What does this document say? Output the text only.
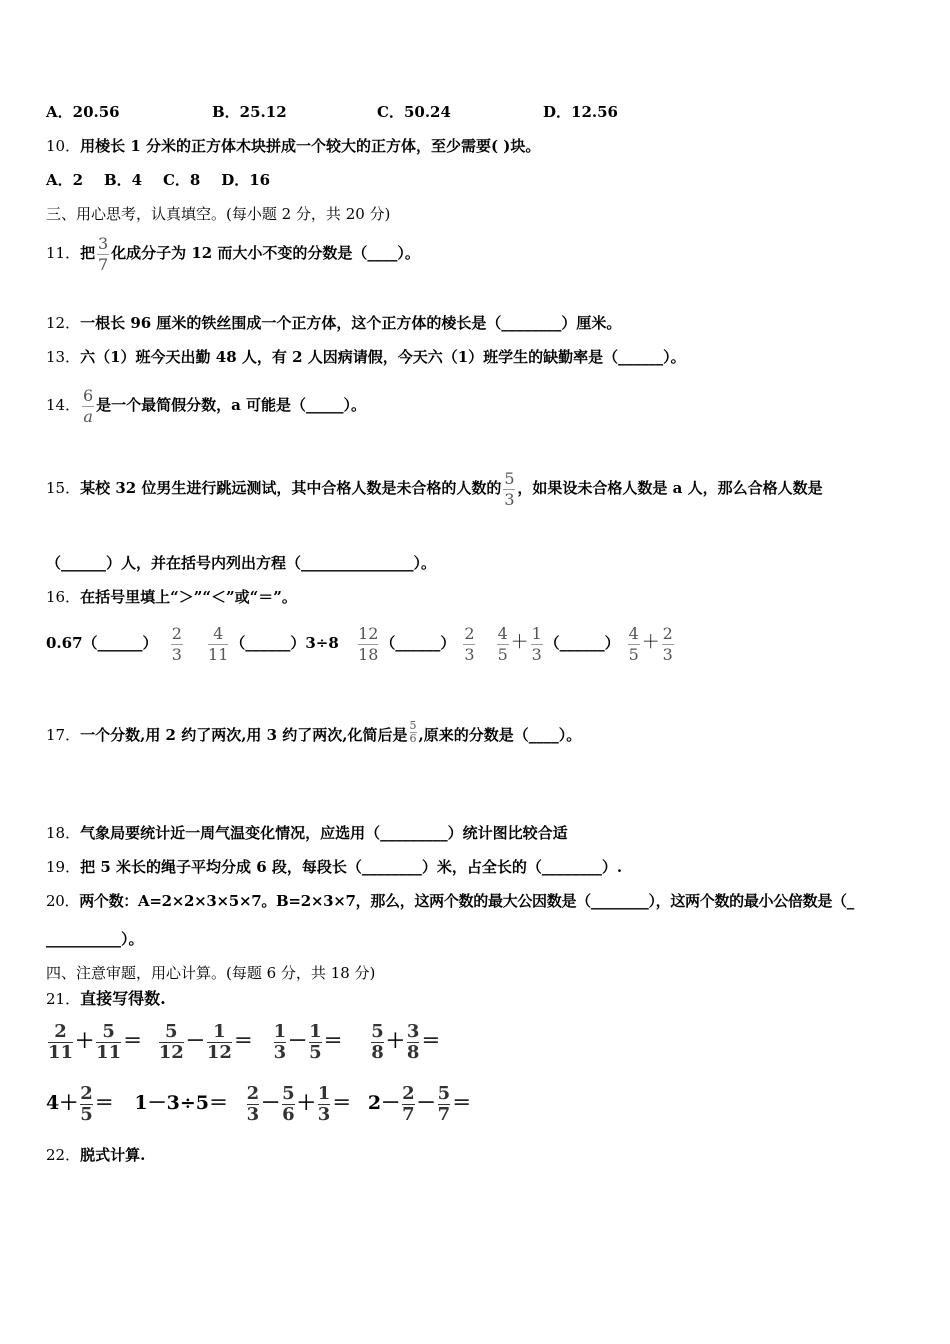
A．20.56	B．25.12	C．50.24	D．12.56
10．用棱长 1 分米的正方体木块拼成一个较大的正方体，至少需要( )块。
A．2    B．4    C．8    D．16
三、用心思考，认真填空。(每小题 2 分，共 20 分)
11．把 $\frac{3}{7}$ 化成分子为 12 而大小不变的分数是（____）。
12．一根长 96 厘米的铁丝围成一个正方体，这个正方体的棱长是（________）厘米。
13．六（1）班今天出勤 48 人，有 2 人因病请假，今天六（1）班学生的缺勤率是（______）。
14． $\frac{6}{a}$ 是一个最简假分数，a 可能是（_____）。
15．某校 32 位男生进行跳远测试，其中合格人数是未合格的人数的 $\frac{5}{3}$ ，如果设未合格人数是 a 人，那么合格人数是
（______）人，并在括号内列出方程（_______________）。
16．在括号里填上“＞”“＜”或“＝”。
0.67（______） $\frac{2}{3}$
$\frac{4}{11}$ （______）3÷8 $\frac{12}{18}$ （______） $\frac{2}{3}$
$\frac{4}{5} + \frac{1}{3}$ （______） $\frac{4}{5} + \frac{2}{3}$
17．一个分数,用 2 约了两次,用 3 约了两次,化简后是 $\frac{5}{6}$ ,原来的分数是（____）。
18．气象局要统计近一周气温变化情况，应选用（_________）统计图比较合适
19．把 5 米长的绳子平均分成 6 段，每段长（________）米，占全长的（________）.
20．两个数：A=2×2×3×5×7。B=2×3×7，那么，这两个数的最大公因数是（________），这两个数的最小公倍数是（_
__________）。
四、注意审题，用心计算。(每题 6 分，共 18 分)
21．直接写得数.
$\frac{2}{11} + \frac{5}{11} = \frac{5}{12} - \frac{1}{12} = \frac{1}{3} - \frac{1}{5} = \frac{5}{8} + \frac{3}{8}$ ＝
$4+ \frac{2}{5} = 1-3\div 5= \frac{2}{3} - \frac{5}{6} + \frac{1}{3} = 2- \frac{2}{7} - \frac{5}{7}$ ＝
22．脱式计算.
